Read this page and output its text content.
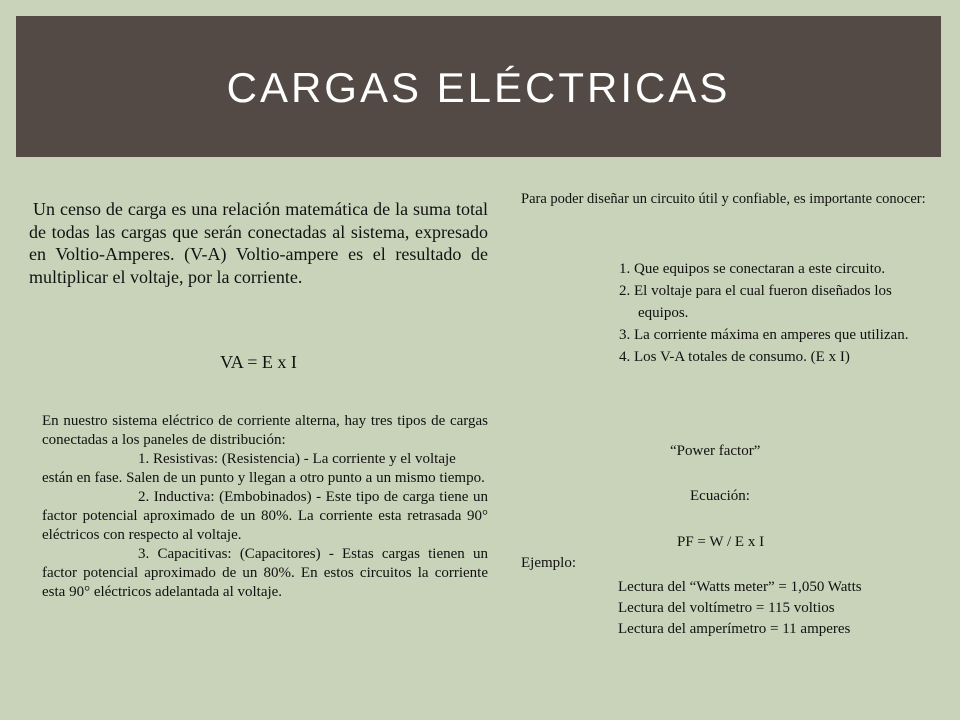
CARGAS ELÉCTRICAS

Un censo de carga es una relación matemática de la suma total de todas las cargas que serán conectadas al sistema, expresado en Voltio-Amperes. (V-A) Voltio-ampere es el resultado de multiplicar el voltaje, por la corriente.

VA = E x I

En nuestro sistema eléctrico de corriente alterna, hay tres tipos de cargas conectadas a los paneles de distribución:

1. Resistivas: (Resistencia) - La corriente y el voltaje están en fase. Salen de un punto y llegan a otro punto a un mismo tiempo.

2. Inductiva: (Embobinados) - Este tipo de carga tiene un factor potencial aproximado de un 80%. La corriente esta retrasada 90° eléctricos con respecto al voltaje.

3. Capacitivas: (Capacitores) - Estas cargas tienen un factor potencial aproximado de un 80%. En estos circuitos la corriente esta 90° eléctricos adelantada al voltaje.

Para poder diseñar un circuito útil y confiable, es importante conocer:

1. Que equipos se conectaran a este circuito.
2. El voltaje para el cual fueron diseñados los equipos.
3. La corriente máxima en amperes que utilizan.
4. Los V-A totales de consumo. (E x I)
“Power factor”
Ecuación:
PF = W / E x I
Ejemplo:
Lectura del “Watts meter” = 1,050 Watts
Lectura del voltímetro = 115 voltios
Lectura del amperímetro = 11 amperes
